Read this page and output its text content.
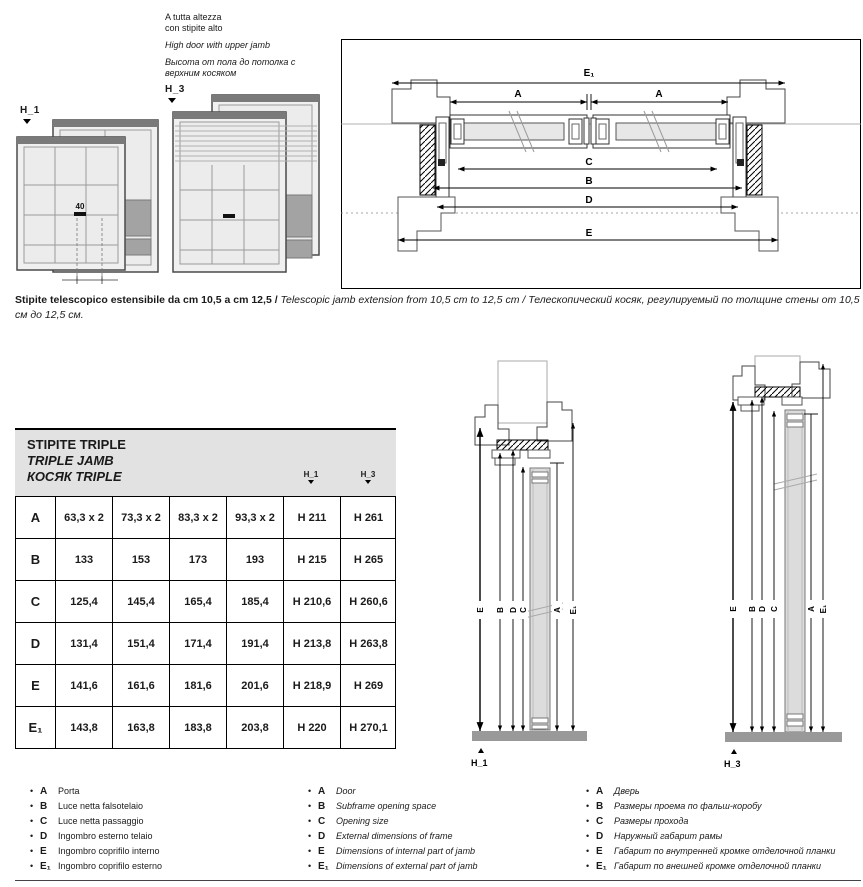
A tutta altezza
con stipite alto
High door with upper jamb
Высота от пола до потолка с
верхним косяком
H_3
H_1
40
E₁
A	A
C
B
D
E
Stipite telescopico estensibile da cm 10,5 a cm 12,5 / Telescopic jamb extension from 10,5 cm to 12,5 cm / Телескопический косяк, регулируемый по толщине стены от 10,5 см до 12,5 см.
STIPITE TRIPLE
TRIPLE JAMB
КОСЯК TRIPLE	H_1	H_3
A	63,3 x 2	73,3 x 2	83,3 x 2	93,3 x 2	H 211	H 261
B	133	153	173	193	H 215	H 265
C	125,4	145,4	165,4	185,4	H 210,6	H 260,6
D	131,4	151,4	171,4	191,4	H 213,8	H 263,8
E	141,6	161,6	181,6	201,6	H 218,9	H 269
E₁	143,8	163,8	183,8	203,8	H 220	H 270,1
E B D C	A E₁
H_1
E B D C	A E₁
H_3
• A	Porta
• B	Luce netta falsotelaio
• C	Luce netta passaggio
• D	Ingombro esterno telaio
• E	Ingombro coprifilo interno
• E₁ Ingombro coprifilo esterno
• A	Door
• B	Subframe opening space
• C	Opening size
• D	External dimensions of frame
• E	Dimensions of internal part of jamb
• E₁ Dimensions of external part of jamb
• A	Дверь
• B	Размеры проема по фальш-коробу
• C	Размеры прохода
• D	Наружный габарит рамы
• E	Габарит по внутренней кромке отделочной планки
• E₁ Габарит по внешней кромке отделочной планки
